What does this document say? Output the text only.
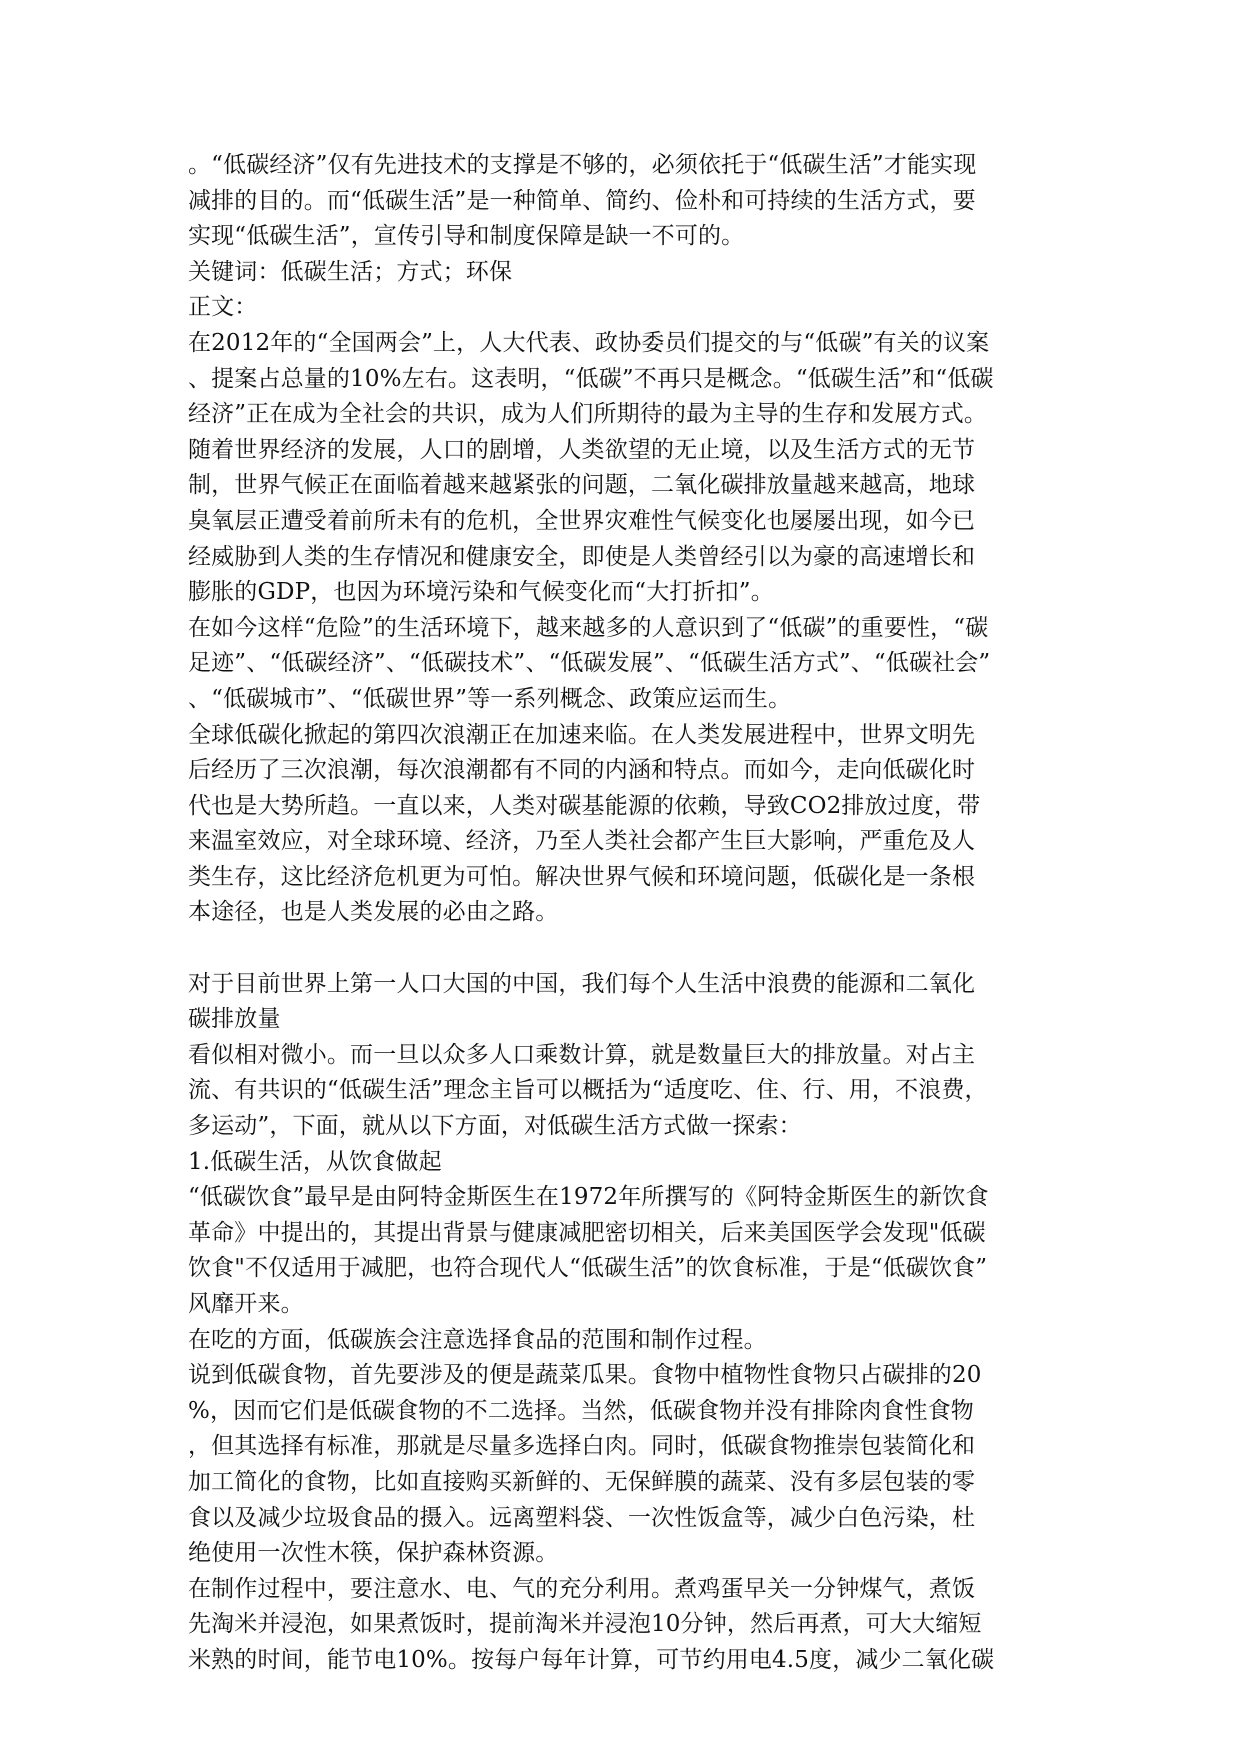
。“低碳经济”仅有先进技术的支撑是不够的，必须依托于“低碳生活”才能实现
减排的目的。而“低碳生活”是一种简单、简约、俭朴和可持续的生活方式，要
实现“低碳生活”，宣传引导和制度保障是缺一不可的。
关键词：低碳生活；方式；环保
正文：
在2012年的“全国两会”上，人大代表、政协委员们提交的与“低碳”有关的议案
、提案占总量的10%左右。这表明，“低碳”不再只是概念。“低碳生活”和“低碳
经济”正在成为全社会的共识，成为人们所期待的最为主导的生存和发展方式。
随着世界经济的发展，人口的剧增，人类欲望的无止境，以及生活方式的无节
制，世界气候正在面临着越来越紧张的问题，二氧化碳排放量越来越高，地球
臭氧层正遭受着前所未有的危机，全世界灾难性气候变化也屡屡出现，如今已
经威胁到人类的生存情况和健康安全，即使是人类曾经引以为豪的高速增长和
膨胀的GDP，也因为环境污染和气候变化而“大打折扣”。
在如今这样“危险”的生活环境下，越来越多的人意识到了“低碳”的重要性，“碳
足迹”、“低碳经济”、“低碳技术”、“低碳发展”、“低碳生活方式”、“低碳社会”
、“低碳城市”、“低碳世界”等一系列概念、政策应运而生。
全球低碳化掀起的第四次浪潮正在加速来临。在人类发展进程中，世界文明先
后经历了三次浪潮，每次浪潮都有不同的内涵和特点。而如今，走向低碳化时
代也是大势所趋。一直以来，人类对碳基能源的依赖，导致CO2排放过度，带
来温室效应，对全球环境、经济，乃至人类社会都产生巨大影响，严重危及人
类生存，这比经济危机更为可怕。解决世界气候和环境问题，低碳化是一条根
本途径，也是人类发展的必由之路。
对于目前世界上第一人口大国的中国，我们每个人生活中浪费的能源和二氧化
碳排放量
看似相对微小。而一旦以众多人口乘数计算，就是数量巨大的排放量。对占主
流、有共识的“低碳生活”理念主旨可以概括为“适度吃、住、行、用，不浪费，
多运动”，下面，就从以下方面，对低碳生活方式做一探索：
1.低碳生活，从饮食做起
“低碳饮食”最早是由阿特金斯医生在1972年所撰写的《阿特金斯医生的新饮食
革命》中提出的，其提出背景与健康减肥密切相关，后来美国医学会发现"低碳
饮食"不仅适用于减肥，也符合现代人“低碳生活”的饮食标准，于是“低碳饮食”
风靡开来。
在吃的方面，低碳族会注意选择食品的范围和制作过程。
说到低碳食物，首先要涉及的便是蔬菜瓜果。食物中植物性食物只占碳排的20
%，因而它们是低碳食物的不二选择。当然，低碳食物并没有排除肉食性食物
，但其选择有标准，那就是尽量多选择白肉。同时，低碳食物推崇包装简化和
加工简化的食物，比如直接购买新鲜的、无保鲜膜的蔬菜、没有多层包装的零
食以及减少垃圾食品的摄入。远离塑料袋、一次性饭盒等，减少白色污染，杜
绝使用一次性木筷，保护森林资源。
在制作过程中，要注意水、电、气的充分利用。煮鸡蛋早关一分钟煤气，煮饭
先淘米并浸泡，如果煮饭时，提前淘米并浸泡10分钟，然后再煮，可大大缩短
米熟的时间，能节电10%。按每户每年计算，可节约用电4.5度，减少二氧化碳
